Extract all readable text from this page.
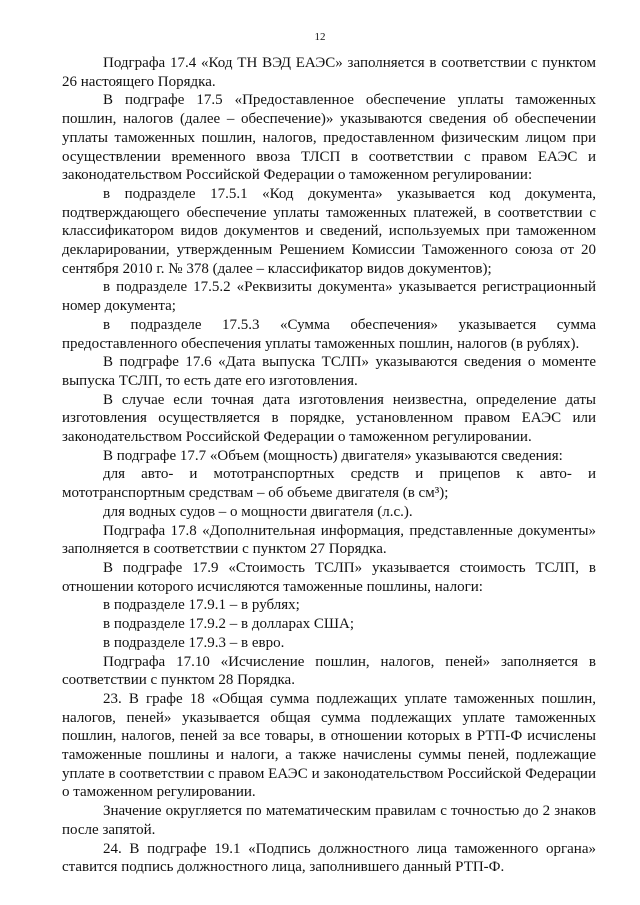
12

Подграфа 17.4 «Код ТН ВЭД ЕАЭС» заполняется в соответствии с пунктом 26 настоящего Порядка.

В подграфе 17.5 «Предоставленное обеспечение уплаты таможенных пошлин, налогов (далее – обеспечение)» указываются сведения об обеспечении уплаты таможенных пошлин, налогов, предоставленном физическим лицом при осуществлении временного ввоза ТЛСП в соответствии с правом ЕАЭС и законодательством Российской Федерации о таможенном регулировании:

в подразделе 17.5.1 «Код документа» указывается код документа, подтверждающего обеспечение уплаты таможенных платежей, в соответствии с классификатором видов документов и сведений, используемых при таможенном декларировании, утвержденным Решением Комиссии Таможенного союза от 20 сентября 2010 г. № 378 (далее – классификатор видов документов);

в подразделе 17.5.2 «Реквизиты документа» указывается регистрационный номер документа;

в подразделе 17.5.3 «Сумма обеспечения» указывается сумма предоставленного обеспечения уплаты таможенных пошлин, налогов (в рублях).

В подграфе 17.6 «Дата выпуска ТСЛП» указываются сведения о моменте выпуска ТСЛП, то есть дате его изготовления.

В случае если точная дата изготовления неизвестна, определение даты изготовления осуществляется в порядке, установленном правом ЕАЭС или законодательством Российской Федерации о таможенном регулировании.

В подграфе 17.7 «Объем (мощность) двигателя» указываются сведения:

для авто- и мототранспортных средств и прицепов к авто- и мототранспортным средствам – об объеме двигателя (в см³);

для водных судов – о мощности двигателя (л.с.).

Подграфа 17.8 «Дополнительная информация, представленные документы» заполняется в соответствии с пунктом 27 Порядка.

В подграфе 17.9 «Стоимость ТСЛП» указывается стоимость ТСЛП, в отношении которого исчисляются таможенные пошлины, налоги:

в подразделе 17.9.1 – в рублях;

в подразделе 17.9.2 – в долларах США;

в подразделе 17.9.3 – в евро.

Подграфа 17.10 «Исчисление пошлин, налогов, пеней» заполняется в соответствии с пунктом 28 Порядка.

23. В графе 18 «Общая сумма подлежащих уплате таможенных пошлин, налогов, пеней» указывается общая сумма подлежащих уплате таможенных пошлин, налогов, пеней за все товары, в отношении которых в РТП-Ф исчислены таможенные пошлины и налоги, а также начислены суммы пеней, подлежащие уплате в соответствии с правом ЕАЭС и законодательством Российской Федерации о таможенном регулировании.

Значение округляется по математическим правилам с точностью до 2 знаков после запятой.

24. В подграфе 19.1 «Подпись должностного лица таможенного органа» ставится подпись должностного лица, заполнившего данный РТП-Ф.
